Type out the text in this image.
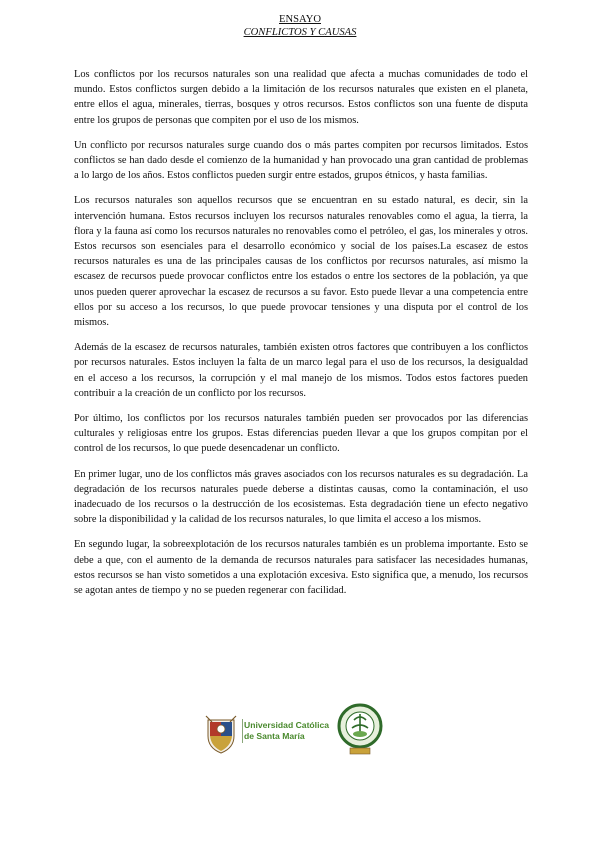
ENSAYO
CONFLICTOS Y CAUSAS

Los conflictos por los recursos naturales son una realidad que afecta a muchas comunidades de todo el mundo. Estos conflictos surgen debido a la limitación de los recursos naturales que existen en el planeta, entre ellos el agua, minerales, tierras, bosques y otros recursos. Estos conflictos son una fuente de disputa entre los grupos de personas que compiten por el uso de los mismos.

Un conflicto por recursos naturales surge cuando dos o más partes compiten por recursos limitados. Estos conflictos se han dado desde el comienzo de la humanidad y han provocado una gran cantidad de problemas a lo largo de los años. Estos conflictos pueden surgir entre estados, grupos étnicos, y hasta familias.

Los recursos naturales son aquellos recursos que se encuentran en su estado natural, es decir, sin la intervención humana. Estos recursos incluyen los recursos naturales renovables como el agua, la tierra, la flora y la fauna así como los recursos naturales no renovables como el petróleo, el gas, los minerales y otros. Estos recursos son esenciales para el desarrollo económico y social de los países.La escasez de estos recursos naturales es una de las principales causas de los conflictos por recursos naturales, así mismo la escasez de recursos puede provocar conflictos entre los estados o entre los sectores de la población, ya que unos pueden querer aprovechar la escasez de recursos a su favor. Esto puede llevar a una competencia entre ellos por su acceso a los recursos, lo que puede provocar tensiones y una disputa por el control de los mismos.

Además de la escasez de recursos naturales, también existen otros factores que contribuyen a los conflictos por recursos naturales. Estos incluyen la falta de un marco legal para el uso de los recursos, la desigualdad en el acceso a los recursos, la corrupción y el mal manejo de los mismos. Todos estos factores pueden contribuir a la creación de un conflicto por los recursos.

Por último, los conflictos por los recursos naturales también pueden ser provocados por las diferencias culturales y religiosas entre los grupos. Estas diferencias pueden llevar a que los grupos compitan por el control de los recursos, lo que puede desencadenar un conflicto.

En primer lugar, uno de los conflictos más graves asociados con los recursos naturales es su degradación. La degradación de los recursos naturales puede deberse a distintas causas, como la contaminación, el uso inadecuado de los recursos o la destrucción de los ecosistemas. Esta degradación tiene un efecto negativo sobre la disponibilidad y la calidad de los recursos naturales, lo que limita el acceso a los mismos.

En segundo lugar, la sobreexplotación de los recursos naturales también es un problema importante. Esto se debe a que, con el aumento de la demanda de recursos naturales para satisfacer las necesidades humanas, estos recursos se han visto sometidos a una explotación excesiva. Esto significa que, a menudo, los recursos se agotan antes de tiempo y no se pueden regenerar con facilidad.

Universidad Católica
de Santa María
